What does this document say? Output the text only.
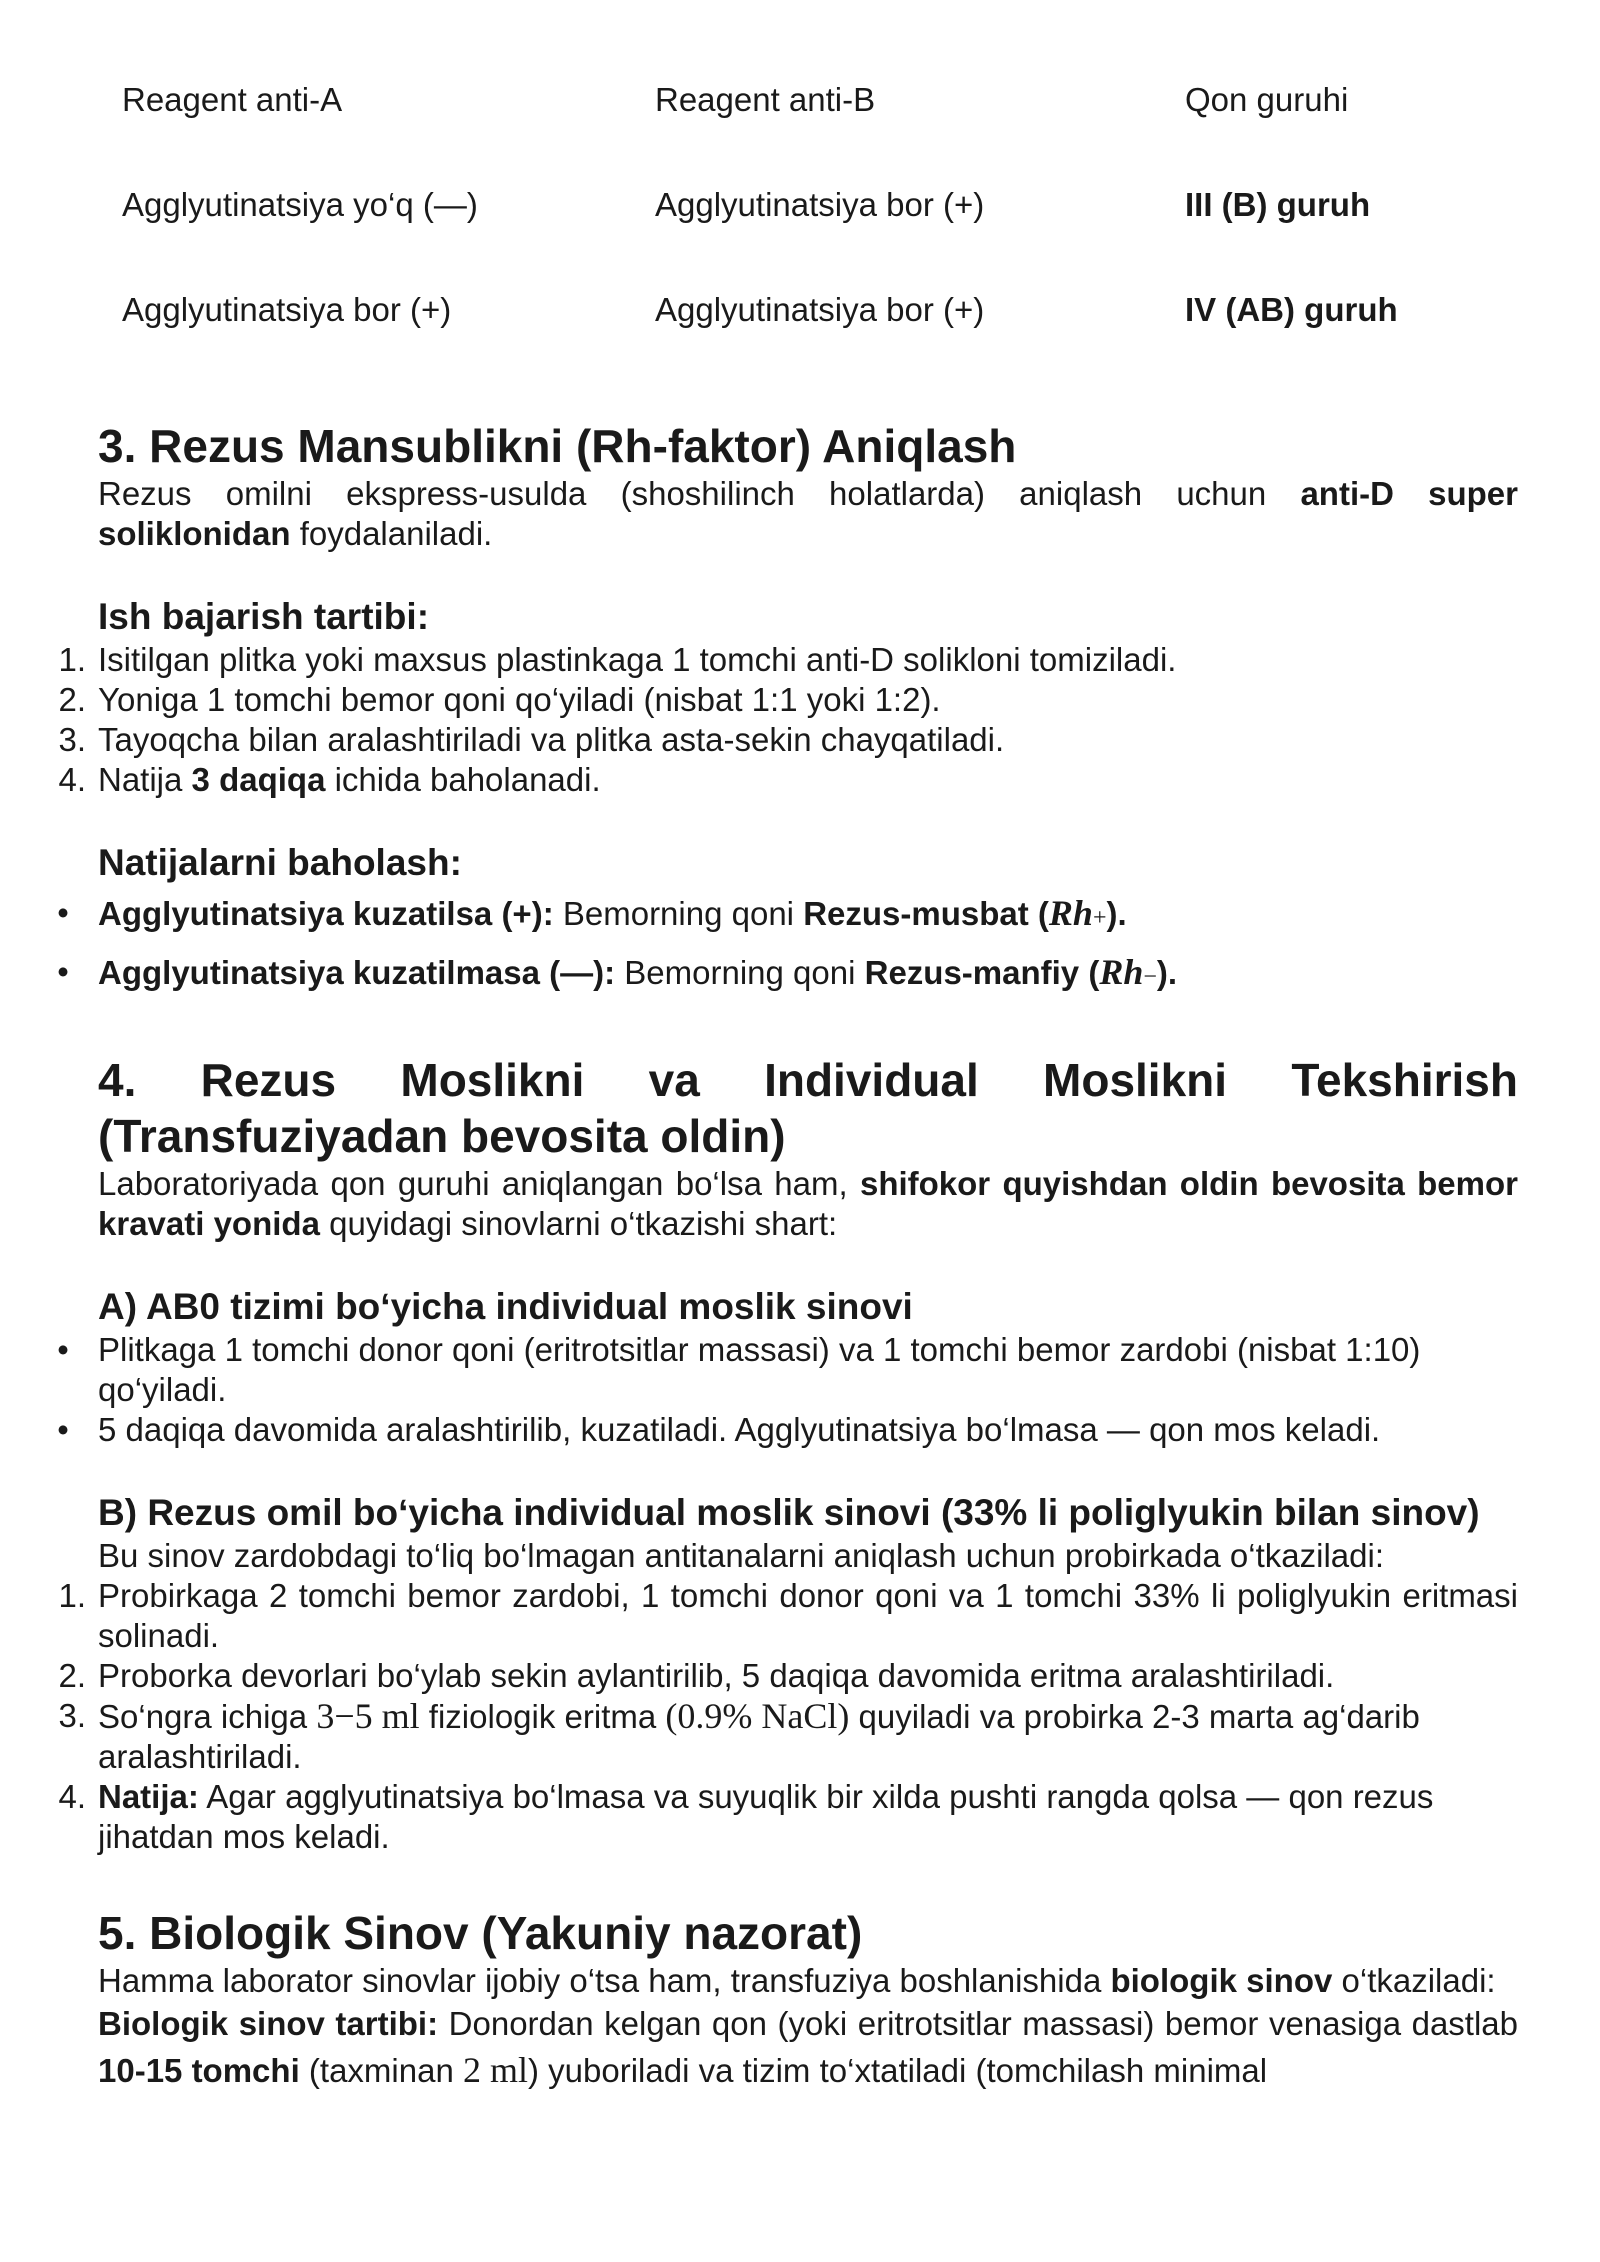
Reagent anti-A	Reagent anti-B	Qon guruhi
Agglyutinatsiya yo‘q (—)	Agglyutinatsiya bor (+)	III (B) guruh
Agglyutinatsiya bor (+)	Agglyutinatsiya bor (+)	IV (AB) guruh
3. Rezus Mansublikni (Rh-faktor) Aniqlash

Rezus omilni ekspress-usulda (shoshilinch holatlarda) aniqlash uchun anti-D super soliklonidan foydalaniladi.

Ish bajarish tartibi:
1. Isitilgan plitka yoki maxsus plastinkaga 1 tomchi anti-D solikloni tomiziladi.
2. Yoniga 1 tomchi bemor qoni qo‘yiladi (nisbat 1:1 yoki 1:2).
3. Tayoqcha bilan aralashtiriladi va plitka asta-sekin chayqatiladi.
4. Natija 3 daqiqa ichida baholanadi.
Natijalarni baholash:
• Agglyutinatsiya kuzatilsa (+): Bemorning qoni Rezus-musbat (Rh+).
• Agglyutinatsiya kuzatilmasa (—): Bemorning qoni Rezus-manfiy (Rh−).
4. Rezus Moslikni va Individual Moslikni Tekshirish
(Transfuziyadan bevosita oldin)

Laboratoriyada qon guruhi aniqlangan bo‘lsa ham, shifokor quyishdan oldin bevosita bemor kravati yonida quyidagi sinovlarni o‘tkazishi shart:

A) AB0 tizimi bo‘yicha individual moslik sinovi
• Plitkaga 1 tomchi donor qoni (eritrotsitlar massasi) va 1 tomchi bemor zardobi (nisbat 1:10) qo‘yiladi.
• 5 daqiqa davomida aralashtirilib, kuzatiladi. Agglyutinatsiya bo‘lmasa — qon mos keladi.
B) Rezus omil bo‘yicha individual moslik sinovi (33% li poliglyukin bilan sinov)

Bu sinov zardobdagi to‘liq bo‘lmagan antitanalarni aniqlash uchun probirkada o‘tkaziladi:

1. Probirkaga 2 tomchi bemor zardobi, 1 tomchi donor qoni va 1 tomchi 33% li poliglyukin eritmasi solinadi.
2. Proborka devorlari bo‘ylab sekin aylantirilib, 5 daqiqa davomida eritma aralashtiriladi.
3. So‘ngra ichiga 3−5 ml fiziologik eritma (0.9% NaCl) quyiladi va probirka 2-3 marta ag‘darib aralashtiriladi.
4. Natija: Agar agglyutinatsiya bo‘lmasa va suyuqlik bir xilda pushti rangda qolsa — qon rezus jihatdan mos keladi.
5. Biologik Sinov (Yakuniy nazorat)

Hamma laborator sinovlar ijobiy o‘tsa ham, transfuziya boshlanishida biologik sinov o‘tkaziladi:

Biologik sinov tartibi: Donordan kelgan qon (yoki eritrotsitlar massasi) bemor venasiga dastlab 10-15 tomchi (taxminan 2 ml) yuboriladi va tizim to‘xtatiladi (tomchilash minimal
